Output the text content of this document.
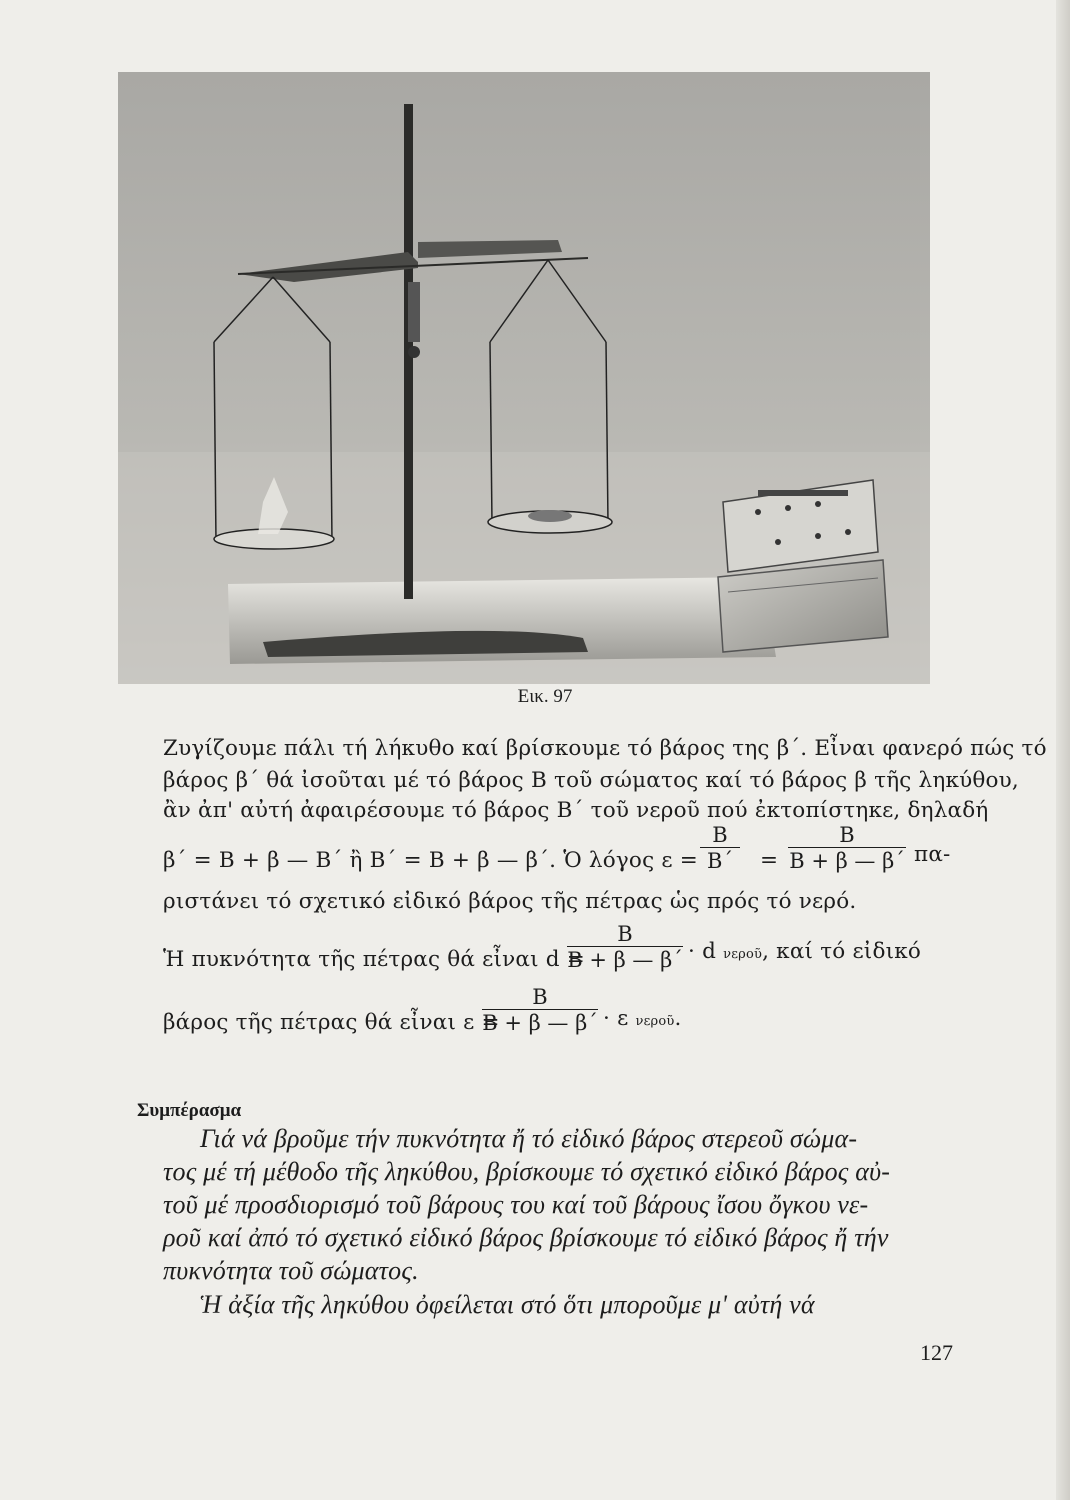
Εικ. 97
Ζυγίζουμε πάλι τή λήκυθο καί βρίσκουμε τό βάρος της β΄. Εἶναι φανερό πώς τό
βάρος β΄ θά ἰσοῦται μέ τό βάρος Β τοῦ σώματος καί τό βάρος β τῆς ληκύθου,
ἂν ἀπ' αὐτή ἀφαιρέσουμε τό βάρος Β΄ τοῦ νεροῦ πού ἐκτοπίστηκε, δηλαδή
β΄ = Β + β — Β΄ ἢ Β΄ = Β + β — β΄. Ὁ λόγος ε =
Β
Β΄	=
Β
Β + β — β΄ πα-
ριστάνει τό σχετικό εἰδικό βάρος τῆς πέτρας ὡς πρός τό νερό.
Ἡ πυκνότητα τῆς πέτρας θά εἶναι d =
Β
Β + β — β΄ · d νεροῦ, καί τό εἰδικό
βάρος τῆς πέτρας θά εἶναι ε =
Β
Β + β — β΄ · ε νεροῦ.
Συμπέρασμα
Γιά νά βροῦμε τήν πυκνότητα ἤ τό εἰδικό βάρος στερεοῦ σώμα-
τος μέ τή μέθοδο τῆς ληκύθου, βρίσκουμε τό σχετικό εἰδικό βάρος αὐ-
τοῦ μέ προσδιορισμό τοῦ βάρους του καί τοῦ βάρους ἴσου ὄγκου νε-
ροῦ καί ἀπό τό σχετικό εἰδικό βάρος βρίσκουμε τό εἰδικό βάρος ἤ τήν
πυκνότητα τοῦ σώματος.
Ἡ ἀξία τῆς ληκύθου ὀφείλεται στό ὅτι μποροῦμε μ' αὐτή νά
127
